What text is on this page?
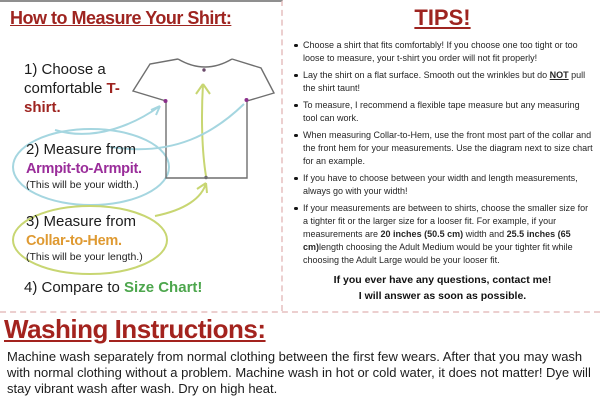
How to Measure Your Shirt:
1) Choose a comfortable T-shirt.
2) Measure from
Armpit-to-Armpit.
(This will be your width.)
3) Measure from
Collar-to-Hem.
(This will be your length.)
4) Compare to Size Chart!
TIPS!
Choose a shirt that fits comfortably! If you choose one too tight or too loose to measure, your t-shirt you order will not fit properly!
Lay the shirt on a flat surface. Smooth out the wrinkles but do NOT pull the shirt taunt!
To measure, I recommend a flexible tape measure but any measuring tool can work.
When measuring Collar-to-Hem, use the front most part of the collar and the front hem for your measurements. Use the diagram next to size chart for an example.
If you have to choose between your width and length measurements, always go with your width!
If your measurements are between to shirts, choose the smaller size for a tighter fit or the larger size for a looser fit. For example, if your measurements are 20 inches (50.5 cm) width and 25.5 inches (65 cm)length choosing the Adult Medium would be your tighter fit while choosing the Adult Large would be your looser fit.
If you ever have any questions, contact me!
I will answer as soon as possible.
Washing Instructions:

Machine wash separately from normal clothing between the first few wears. After that you may wash with normal clothing without a problem. Machine wash in hot or cold water, it does not matter! Dye will stay vibrant wash after wash. Dry on high heat.
